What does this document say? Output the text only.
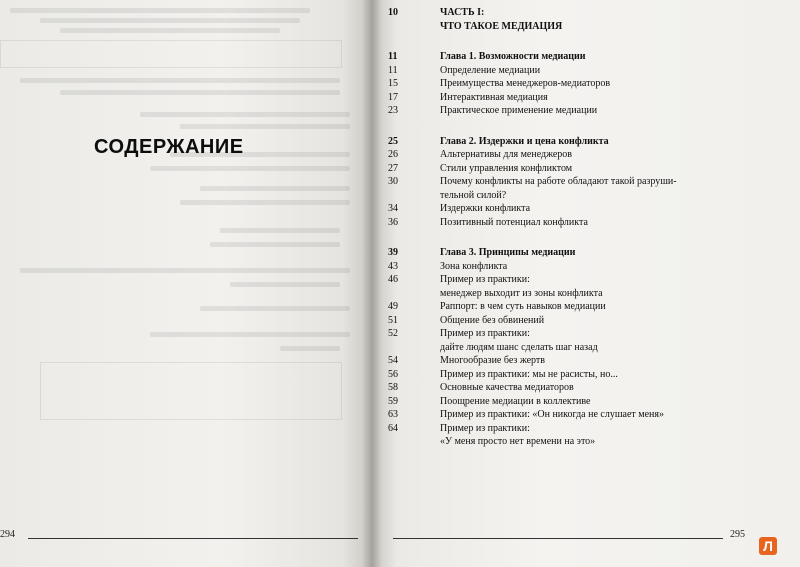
СОДЕРЖАНИЕ
294
10	ЧАСТЬ I:
ЧТО ТАКОЕ МЕДИАЦИЯ
11	Глава 1. Возможности медиации
11	Определение медиации
15	Преимущества менеджеров-медиаторов
17	Интерактивная медиация
23	Практическое применение медиации
25	Глава 2. Издержки и цена конфликта
26	Альтернативы для менеджеров
27	Стили управления конфликтом
30	Почему конфликты на работе обладают такой разруши-
тельной силой?
34	Издержки конфликта
36	Позитивный потенциал конфликта
39	Глава 3. Принципы медиации
43	Зона конфликта
46	Пример из практики:
менеджер выходит из зоны конфликта
49	Раппорт: в чем суть навыков медиации
51	Общение без обвинений
52	Пример из практики:
дайте людям шанс сделать шаг назад
54	Многообразие без жертв
56	Пример из практики: мы не расисты, но...
58	Основные качества медиаторов
59	Поощрение медиации в коллективе
63	Пример из практики: «Он никогда не слушает меня»
64	Пример из практики:
«У меня просто нет времени на это»
295
Л
